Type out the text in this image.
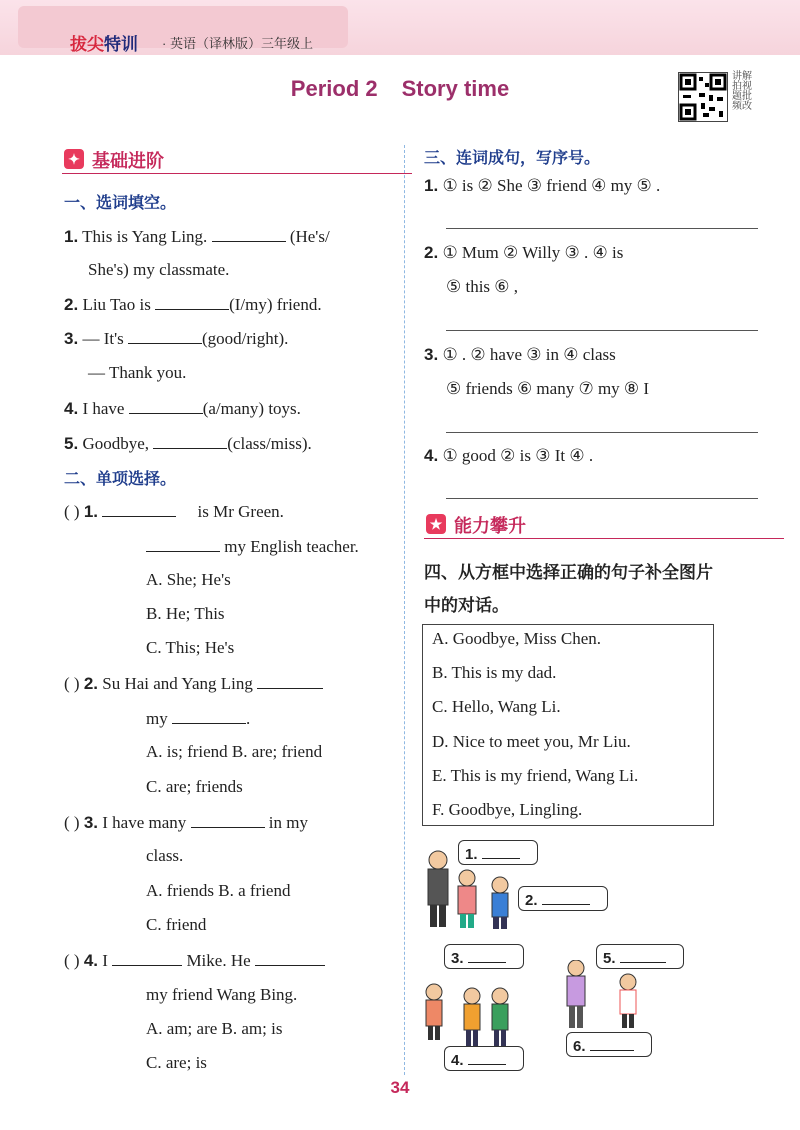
拔尖特训 · 英语（译林版）三年级上
Period 2 Story time	讲解
拍视
题批
频改
✦ 基础进阶
一、选词填空。
1. This is Yang Ling.	(He's/
She's) my classmate.
2. Liu Tao is	(I/my) friend.
3. — It's	(good/right).
— Thank you.
4. I have	(a/many) toys.
5. Goodbye,	(class/miss).
二、单项选择。
( ) 1.	is Mr Green.
my English teacher.
A. She; He's
B. He; This
C. This; He's
( ) 2. Su Hai and Yang Ling
my	.
A. is; friend B. are; friend
C. are; friends
( ) 3. I have many	in my
class.
A. friends B. a friend
C. friend
( ) 4. I	Mike. He
my friend Wang Bing.
A. am; are B. am; is
C. are; is
三、连词成句，写序号。
1. ① is ② She ③ friend ④ my ⑤ .
2. ① Mum ② Willy ③ . ④ is
⑤ this ⑥ ,
3. ① . ② have ③ in ④ class
⑤ friends ⑥ many ⑦ my ⑧ I
4. ① good ② is ③ It ④ .
★ 能力攀升
四、从方框中选择正确的句子补全图片
中的对话。
A. Goodbye, Miss Chen.
B. This is my dad.
C. Hello, Wang Li.
D. Nice to meet you, Mr Liu.
E. This is my friend, Wang Li.
F. Goodbye, Lingling.
1.
2.
3.
4.
5.
6.
34
